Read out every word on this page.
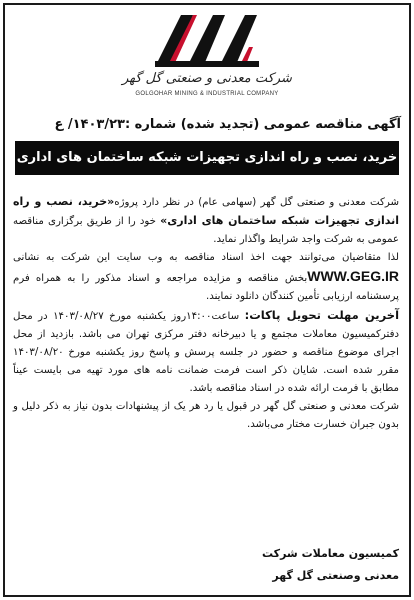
شرکت معدنی و صنعتی گل گهر
GOLGOHAR MINING & INDUSTRIAL COMPANY
آگهی مناقصه عمومی (تجدید شده) شماره :۱۴۰۳/۲۳/ ع
خرید، نصب و راه اندازی تجهیزات شبکه ساختمان های اداری

شرکت معدنی و صنعتی گل گهر (سهامی عام) در نظر دارد پروژه«خرید، نصب و راه اندازی تجهیزات شبکه ساختمان های اداری» خود را از طریق برگزاری مناقصه عمومی به شرکت واجد شرایط واگذار نماید.

لذا متقاضیان می‌توانند جهت اخذ اسناد مناقصه به وب سایت این شرکت به نشانی WWW.GEG.IRبخش مناقصه و مزایده مراجعه و اسناد مذکور را به همراه فرم پرسشنامه ارزیابی تأمین کنندگان دانلود نمایند.

آخرین مهلت تحویل پاکات: ساعت۱۴:۰۰روز یکشنبه مورخ ۱۴۰۳/۰۸/۲۷ در محل دفترکمیسیون معاملات مجتمع و یا دبیرخانه دفتر مرکزی تهران می باشد. بازدید از محل اجرای موضوع مناقصه و حضور در جلسه پرسش و پاسخ روز یکشنبه مورخ ۱۴۰۳/۰۸/۲۰ مقرر شده است. شایان ذکر است فرمت ضمانت نامه های مورد تهیه می بایست عیناً مطابق با فرمت ارائه شده در اسناد مناقصه باشد.

شرکت معدنی و صنعتی گل گهر در قبول یا رد هر یک از پیشنهادات بدون نیاز به ذکر دلیل و بدون جبران خسارت مختار می‌باشد.

کمیسیون معاملات شرکت
معدنی وصنعتی گل گهر
